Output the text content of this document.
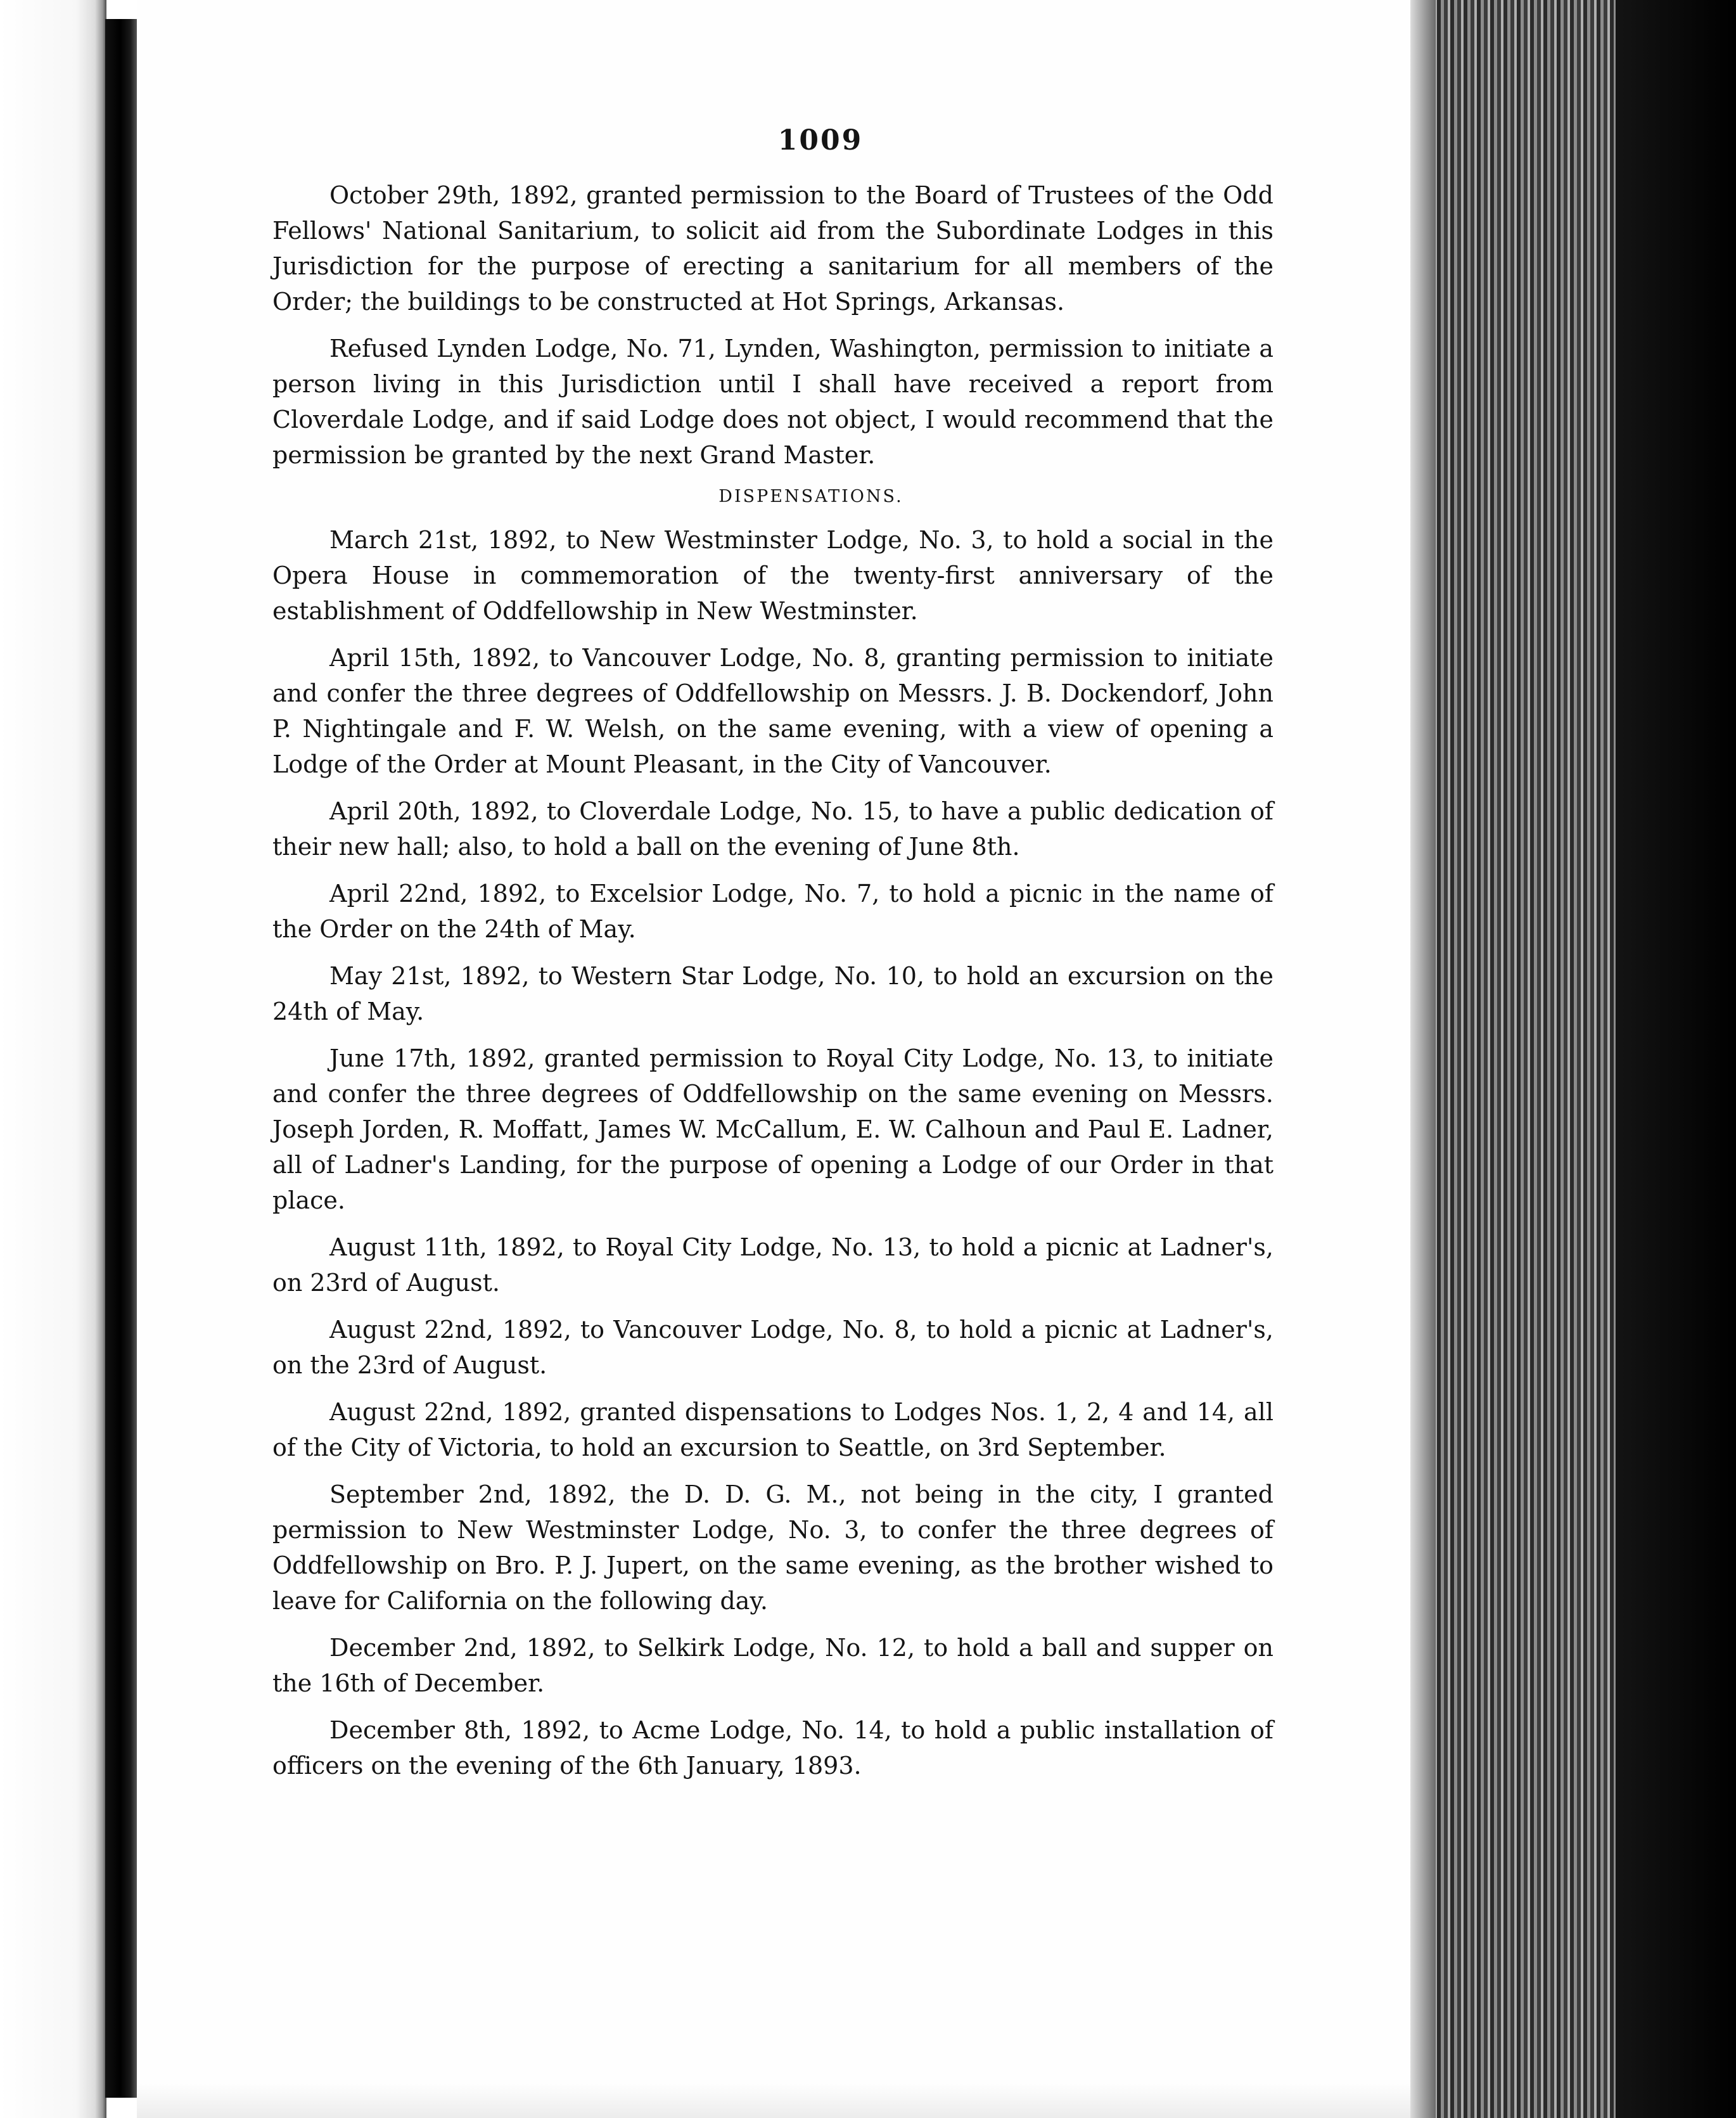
1009

October 29th, 1892, granted permission to the Board of Trustees of the Odd Fellows' National Sanitarium, to solicit aid from the Subordinate Lodges in this Jurisdiction for the purpose of erecting a sanitarium for all members of the Order; the buildings to be constructed at Hot Springs, Arkansas.

Refused Lynden Lodge, No. 71, Lynden, Washington, permission to initiate a person living in this Jurisdiction until I shall have received a report from Cloverdale Lodge, and if said Lodge does not object, I would recommend that the permission be granted by the next Grand Master.

DISPENSATIONS.

March 21st, 1892, to New Westminster Lodge, No. 3, to hold a social in the Opera House in commemoration of the twenty-first anniversary of the establishment of Oddfellowship in New Westminster.

April 15th, 1892, to Vancouver Lodge, No. 8, granting permission to initiate and confer the three degrees of Oddfellowship on Messrs. J. B. Dockendorf, John P. Nightingale and F. W. Welsh, on the same evening, with a view of opening a Lodge of the Order at Mount Pleasant, in the City of Vancouver.

April 20th, 1892, to Cloverdale Lodge, No. 15, to have a public dedication of their new hall; also, to hold a ball on the evening of June 8th.

April 22nd, 1892, to Excelsior Lodge, No. 7, to hold a picnic in the name of the Order on the 24th of May.

May 21st, 1892, to Western Star Lodge, No. 10, to hold an excursion on the 24th of May.

June 17th, 1892, granted permission to Royal City Lodge, No. 13, to initiate and confer the three degrees of Oddfellowship on the same evening on Messrs. Joseph Jorden, R. Moffatt, James W. McCallum, E. W. Calhoun and Paul E. Ladner, all of Ladner's Landing, for the purpose of opening a Lodge of our Order in that place.

August 11th, 1892, to Royal City Lodge, No. 13, to hold a picnic at Ladner's, on 23rd of August.

August 22nd, 1892, to Vancouver Lodge, No. 8, to hold a picnic at Ladner's, on the 23rd of August.

August 22nd, 1892, granted dispensations to Lodges Nos. 1, 2, 4 and 14, all of the City of Victoria, to hold an excursion to Seattle, on 3rd September.

September 2nd, 1892, the D. D. G. M., not being in the city, I granted permission to New Westminster Lodge, No. 3, to confer the three degrees of Oddfellowship on Bro. P. J. Jupert, on the same evening, as the brother wished to leave for California on the following day.

December 2nd, 1892, to Selkirk Lodge, No. 12, to hold a ball and supper on the 16th of December.

December 8th, 1892, to Acme Lodge, No. 14, to hold a public installation of officers on the evening of the 6th January, 1893.
